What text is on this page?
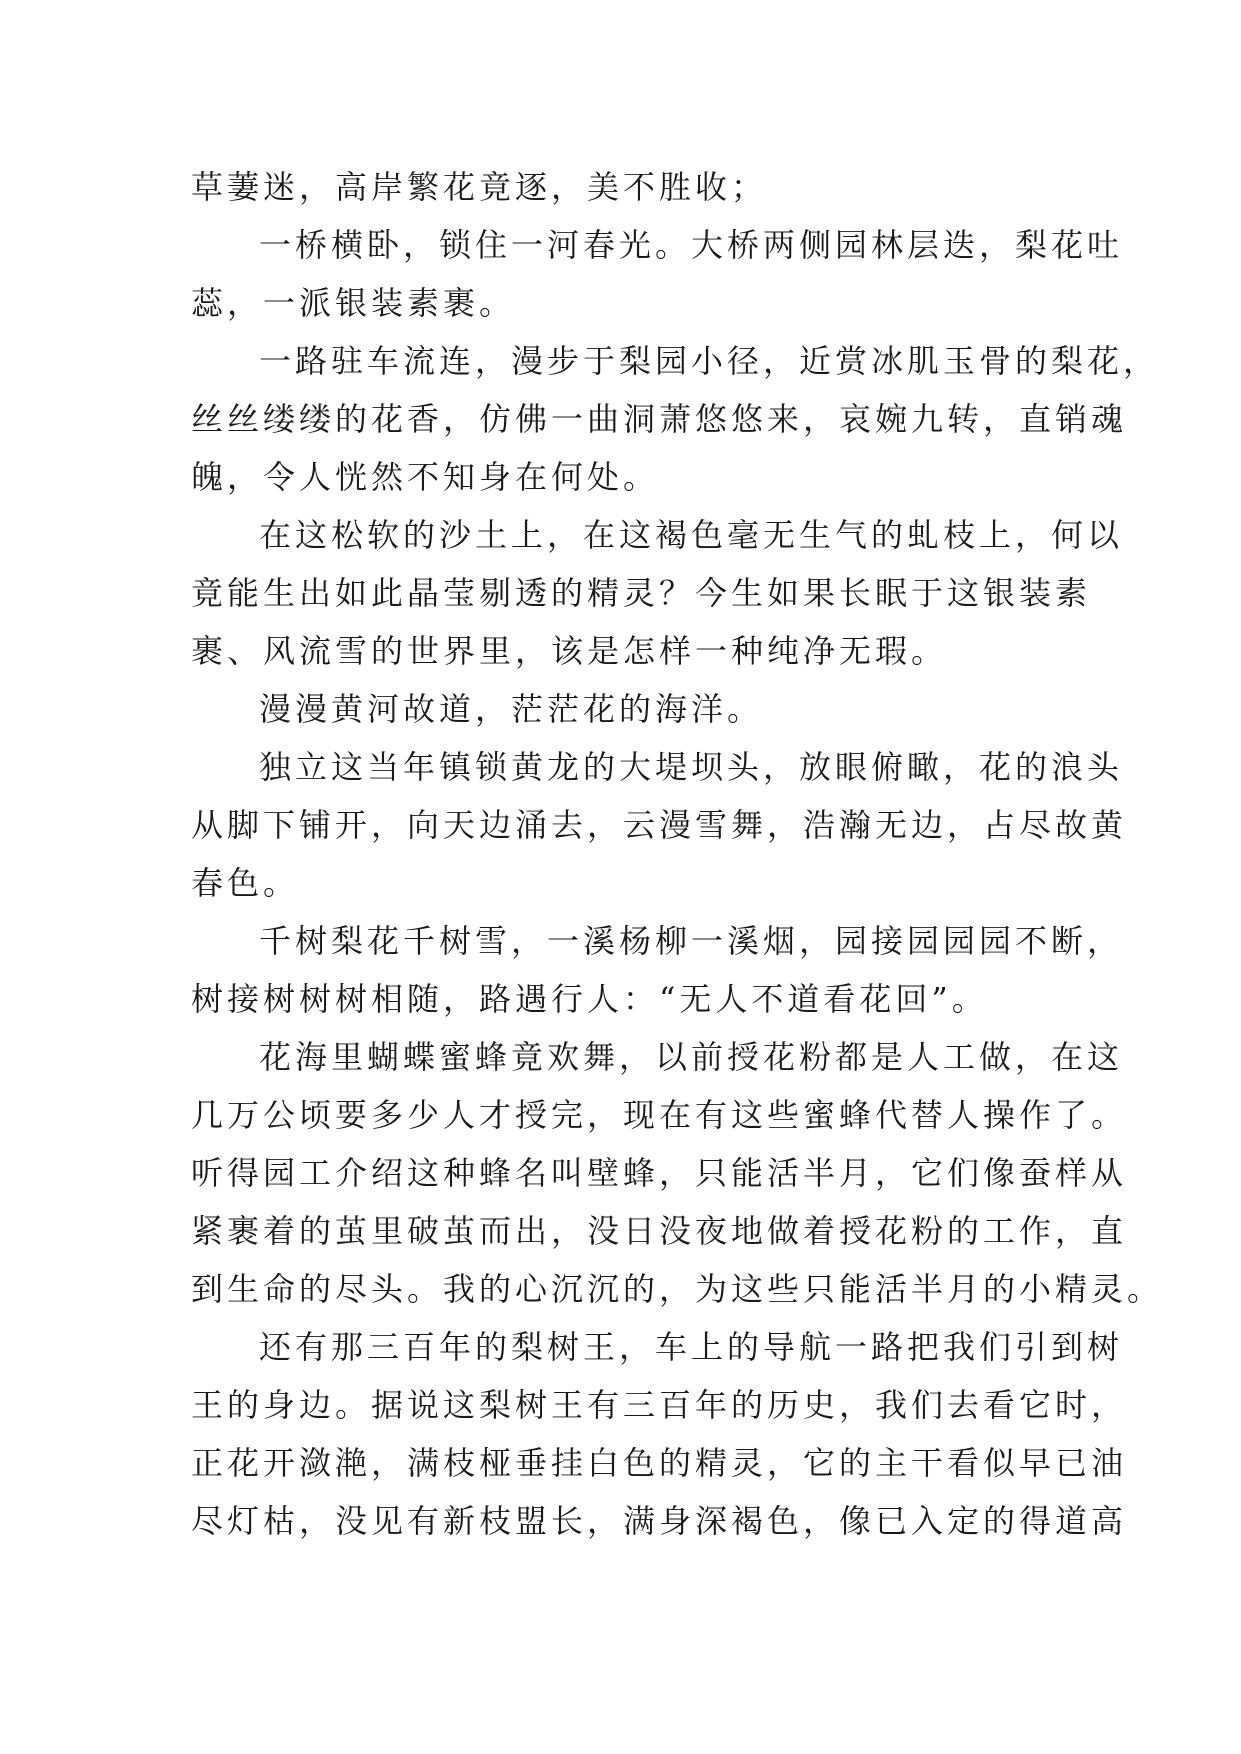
草萋迷，高岸繁花竟逐，美不胜收；
一桥横卧，锁住一河春光。大桥两侧园林层迭，梨花吐
蕊，一派银装素裹。
一路驻车流连，漫步于梨园小径，近赏冰肌玉骨的梨花，
丝丝缕缕的花香，仿佛一曲洞萧悠悠来，哀婉九转，直销魂
魄，令人恍然不知身在何处。
在这松软的沙土上，在这褐色毫无生气的虬枝上，何以
竟能生出如此晶莹剔透的精灵？今生如果长眠于这银装素
裹、风流雪的世界里，该是怎样一种纯净无瑕。
漫漫黄河故道，茫茫花的海洋。
独立这当年镇锁黄龙的大堤坝头，放眼俯瞰，花的浪头
从脚下铺开，向天边涌去，云漫雪舞，浩瀚无边，占尽故黄
春色。
千树梨花千树雪，一溪杨柳一溪烟，园接园园园不断，
树接树树树相随，路遇行人：“无人不道看花回”。
花海里蝴蝶蜜蜂竟欢舞，以前授花粉都是人工做，在这
几万公顷要多少人才授完，现在有这些蜜蜂代替人操作了。
听得园工介绍这种蜂名叫壁蜂，只能活半月，它们像蚕样从
紧裹着的茧里破茧而出，没日没夜地做着授花粉的工作，直
到生命的尽头。我的心沉沉的，为这些只能活半月的小精灵。
还有那三百年的梨树王，车上的导航一路把我们引到树
王的身边。据说这梨树王有三百年的历史，我们去看它时，
正花开潋滟，满枝桠垂挂白色的精灵，它的主干看似早已油
尽灯枯，没见有新枝盟长，满身深褐色，像已入定的得道高
